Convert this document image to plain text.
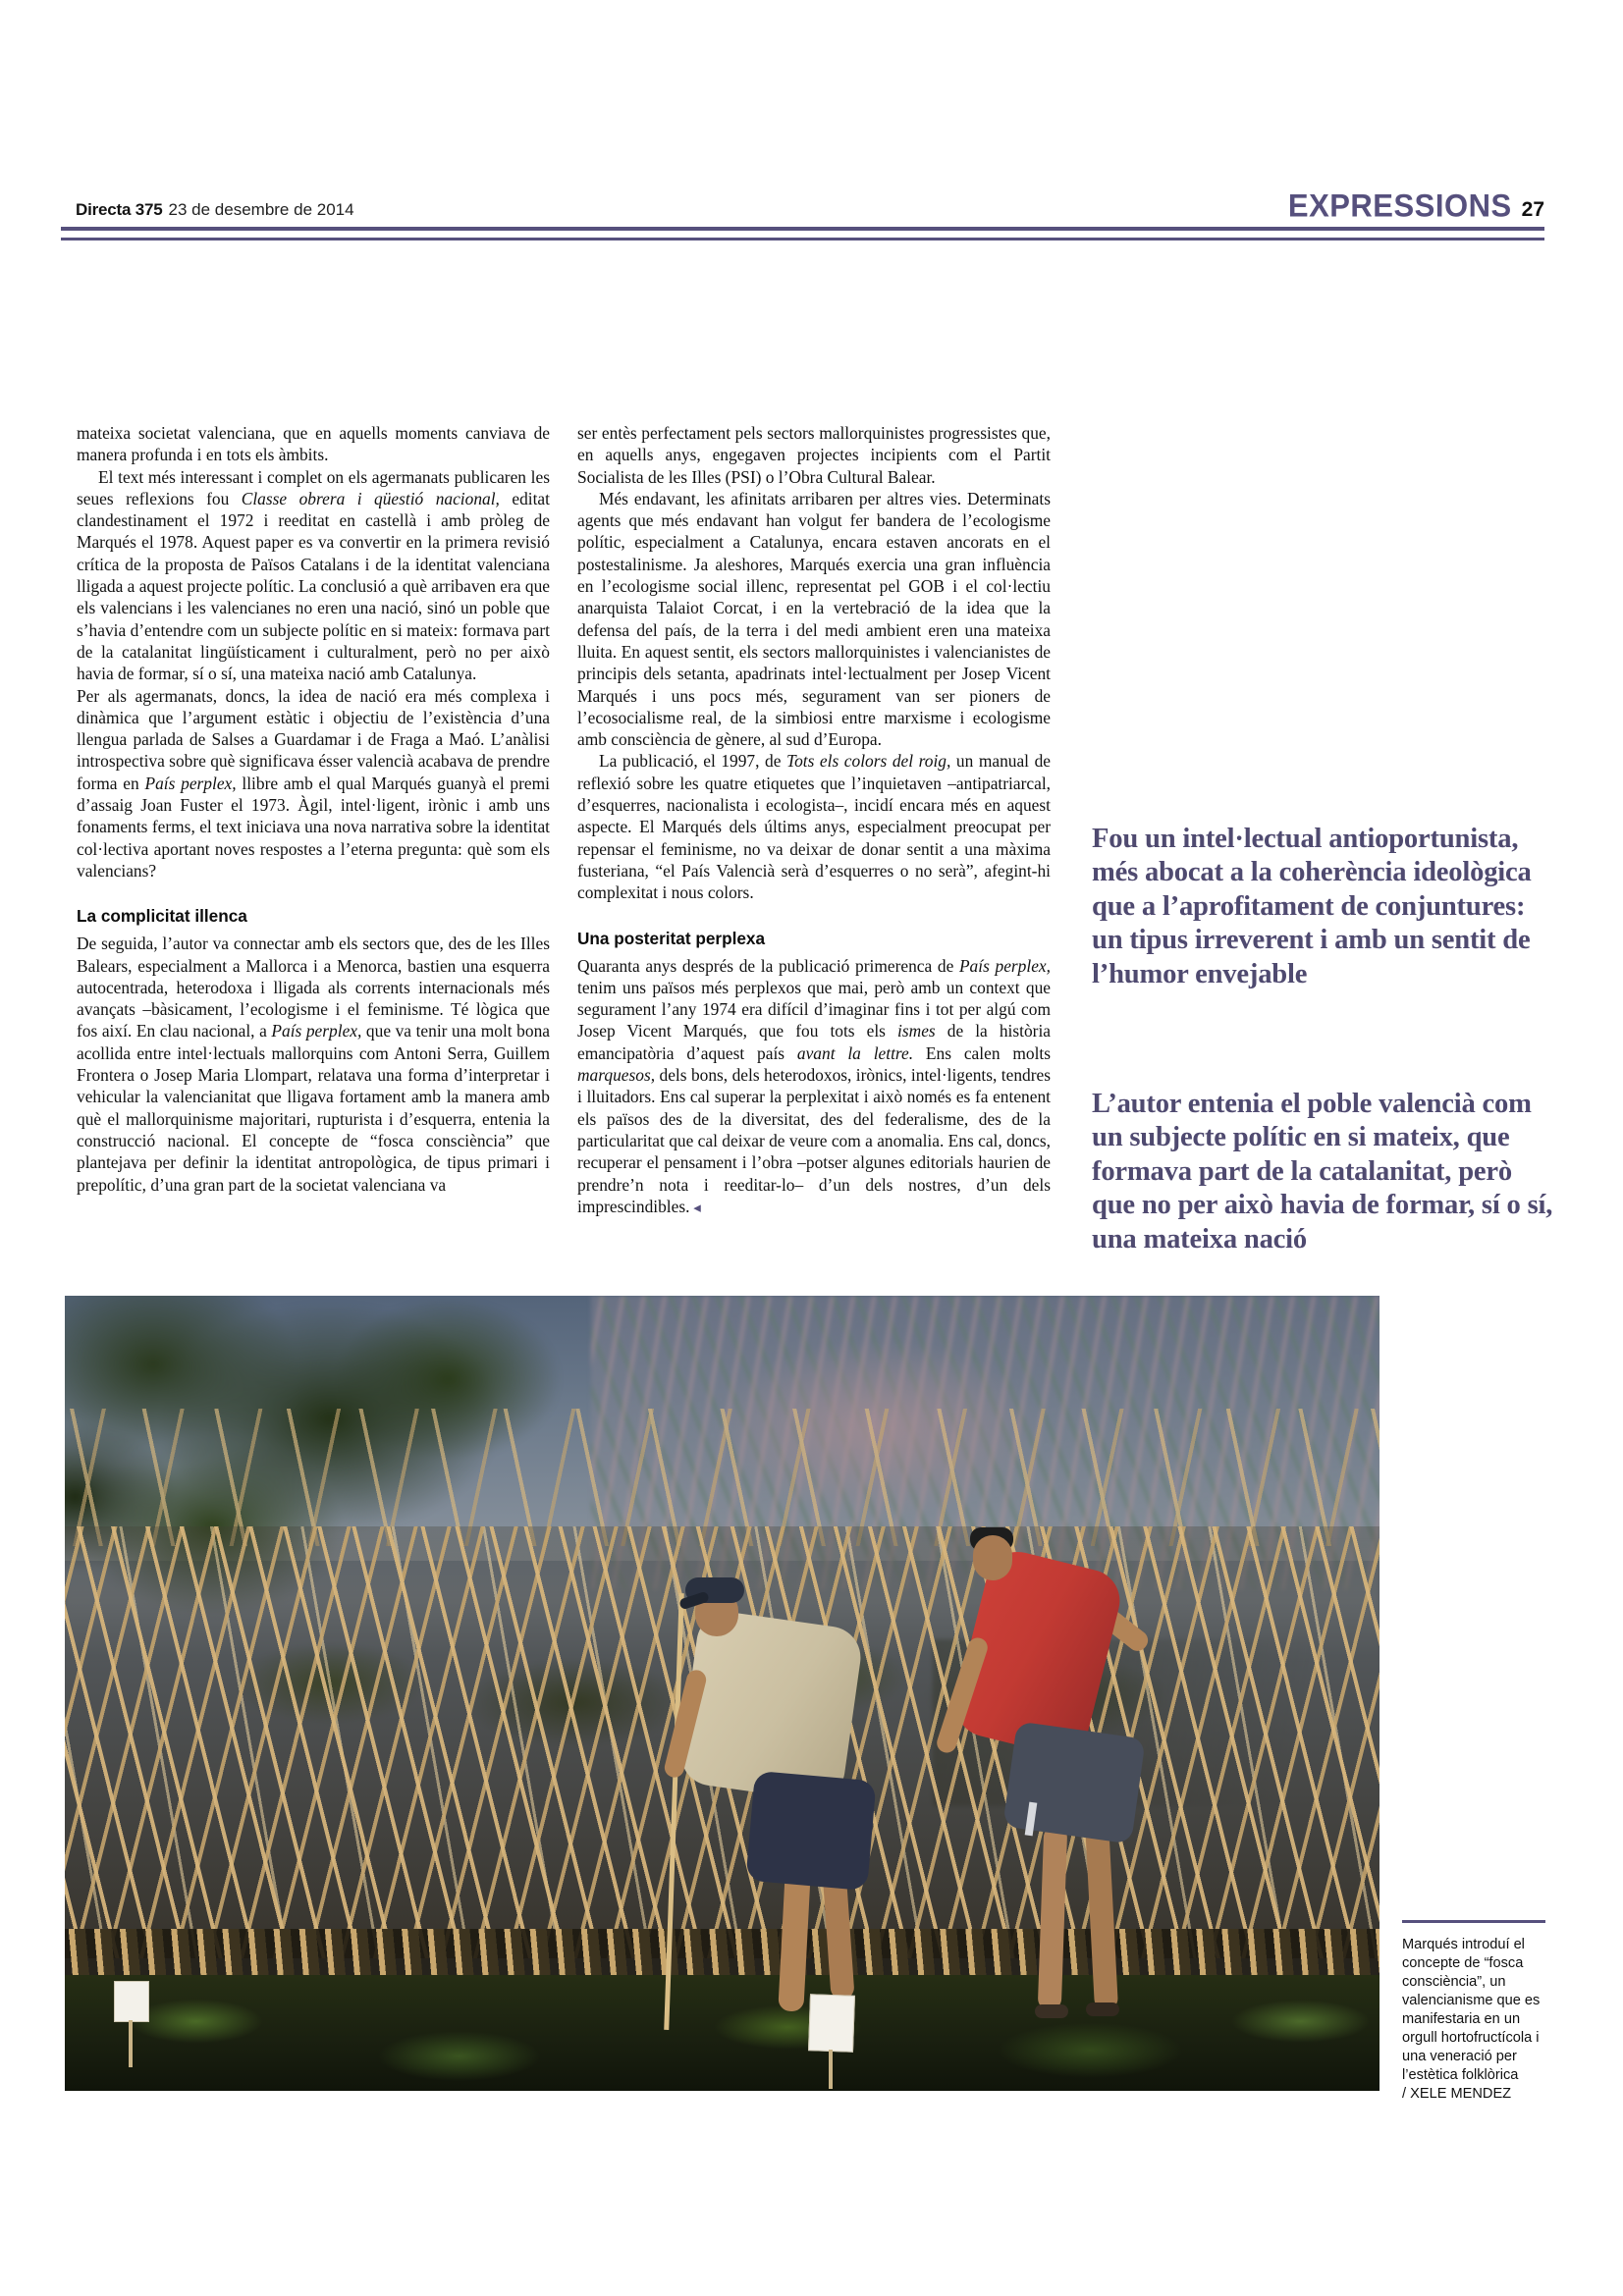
Directa 375 23 de desembre de 2014	EXPRESSIONS 27

mateixa societat valenciana, que en aquells moments canviava de manera profunda i en tots els àmbits.

El text més interessant i complet on els agermanats publicaren les seues reflexions fou Classe obrera i qüestió nacional, editat clandestinament el 1972 i reeditat en castellà i amb pròleg de Marqués el 1978. Aquest paper es va convertir en la primera revisió crítica de la proposta de Països Catalans i de la identitat valenciana lligada a aquest projecte polític. La conclusió a què arribaven era que els valencians i les valencianes no eren una nació, sinó un poble que s’havia d’entendre com un subjecte polític en si mateix: formava part de la catalanitat lingüísticament i culturalment, però no per això havia de formar, sí o sí, una mateixa nació amb Catalunya.

Per als agermanats, doncs, la idea de nació era més complexa i dinàmica que l’argument estàtic i objectiu de l’existència d’una llengua parlada de Salses a Guardamar i de Fraga a Maó. L’anàlisi introspectiva sobre què significava ésser valencià acabava de prendre forma en País perplex, llibre amb el qual Marqués guanyà el premi d’assaig Joan Fuster el 1973. Àgil, intel·ligent, irònic i amb uns fonaments ferms, el text iniciava una nova narrativa sobre la identitat col·lectiva aportant noves respostes a l’eterna pregunta: què som els valencians?

La complicitat illenca

De seguida, l’autor va connectar amb els sectors que, des de les Illes Balears, especialment a Mallorca i a Menorca, bastien una esquerra autocentrada, heterodoxa i lligada als corrents internacionals més avançats –bàsicament, l’ecologisme i el feminisme. Té lògica que fos així. En clau nacional, a País perplex, que va tenir una molt bona acollida entre intel·lectuals mallorquins com Antoni Serra, Guillem Frontera o Josep Maria Llompart, relatava una forma d’interpretar i vehicular la valencianitat que lligava fortament amb la manera amb què el mallorquinisme majoritari, rupturista i d’esquerra, entenia la construcció nacional. El concepte de “fosca consciència” que plantejava per definir la identitat antropològica, de tipus primari i prepolític, d’una gran part de la societat valenciana va

ser entès perfectament pels sectors mallorquinistes progressistes que, en aquells anys, engegaven projectes incipients com el Partit Socialista de les Illes (PSI) o l’Obra Cultural Balear.

Més endavant, les afinitats arribaren per altres vies. Determinats agents que més endavant han volgut fer bandera de l’ecologisme polític, especialment a Catalunya, encara estaven ancorats en el postestalinisme. Ja aleshores, Marqués exercia una gran influència en l’ecologisme social illenc, representat pel GOB i el col·lectiu anarquista Talaiot Corcat, i en la vertebració de la idea que la defensa del país, de la terra i del medi ambient eren una mateixa lluita. En aquest sentit, els sectors mallorquinistes i valencianistes de principis dels setanta, apadrinats intel·lectualment per Josep Vicent Marqués i uns pocs més, segurament van ser pioners de l’ecosocialisme real, de la simbiosi entre marxisme i ecologisme amb consciència de gènere, al sud d’Europa.

La publicació, el 1997, de Tots els colors del roig, un manual de reflexió sobre les quatre etiquetes que l’inquietaven –antipatriarcal, d’esquerres, nacionalista i ecologista–, incidí encara més en aquest aspecte. El Marqués dels últims anys, especialment preocupat per repensar el feminisme, no va deixar de donar sentit a una màxima fusteriana, “el País Valencià serà d’esquerres o no serà”, afegint-hi complexitat i nous colors.

Una posteritat perplexa

Quaranta anys després de la publicació primerenca de País perplex, tenim uns països més perplexos que mai, però amb un context que segurament l’any 1974 era difícil d’imaginar fins i tot per algú com Josep Vicent Marqués, que fou tots els ismes de la història emancipatòria d’aquest país avant la lettre. Ens calen molts marquesos, dels bons, dels heterodoxos, irònics, intel·ligents, tendres i lluitadors. Ens cal superar la perplexitat i això només es fa entenent els països des de la diversitat, des del federalisme, des de la particularitat que cal deixar de veure com a anomalia. Ens cal, doncs, recuperar el pensament i l’obra –potser algunes editorials haurien de prendre’n nota i reeditar-lo– d’un dels nostres, d’un dels imprescindibles. ◂

Fou un intel·lectual antioportunista, més abocat a la coherència ideològica que a l’aprofitament de conjuntures: un tipus irreverent i amb un sentit de l’humor envejable
L’autor entenia el poble valencià com un subjecte polític en si mateix, que formava part de la catalanitat, però que no per això havia de formar, sí o sí, una mateixa nació
Marqués introduí el concepte de “fosca consciència”, un valencianisme que es manifestaria en un orgull hortofructícola i una veneració per l’estètica folklòrica
/ XELE MENDEZ
